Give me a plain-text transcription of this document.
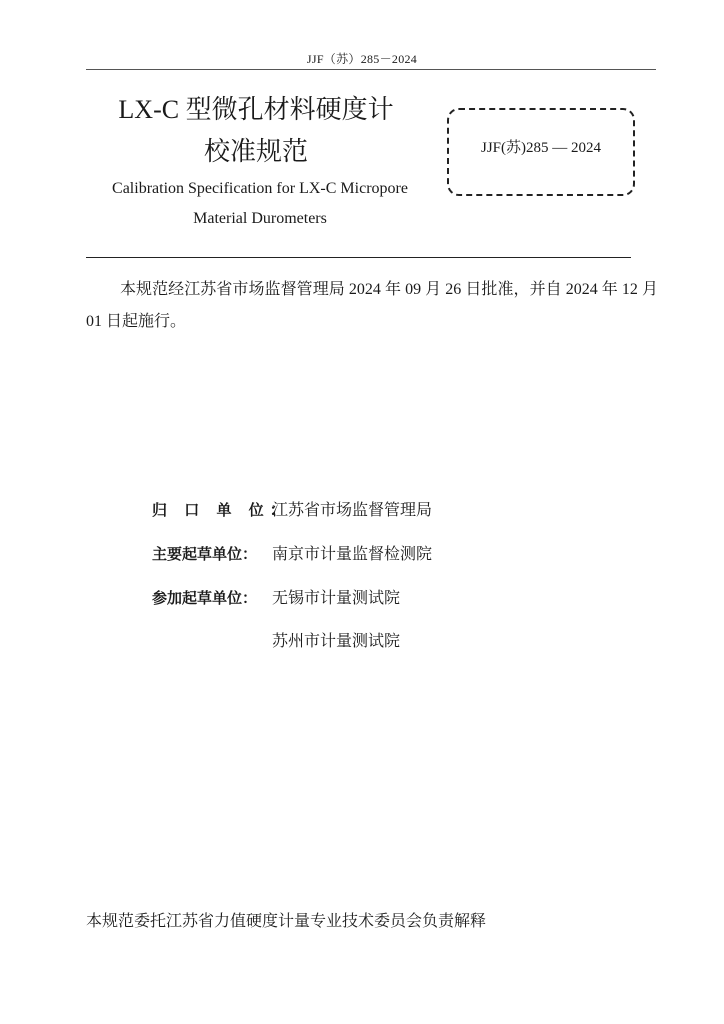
JJF（苏）285－2024
LX-C 型微孔材料硬度计
校准规范
Calibration Specification for LX-C Micropore
Material Durometers
JJF(苏)285 — 2024
本规范经江苏省市场监督管理局 2024 年 09 月 26 日批准，并自 2024 年 12 月 01 日起施行。
归 口 单 位：江苏省市场监督管理局
主要起草单位： 南京市计量监督检测院
参加起草单位： 无锡市计量测试院
苏州市计量测试院
本规范委托江苏省力值硬度计量专业技术委员会负责解释
